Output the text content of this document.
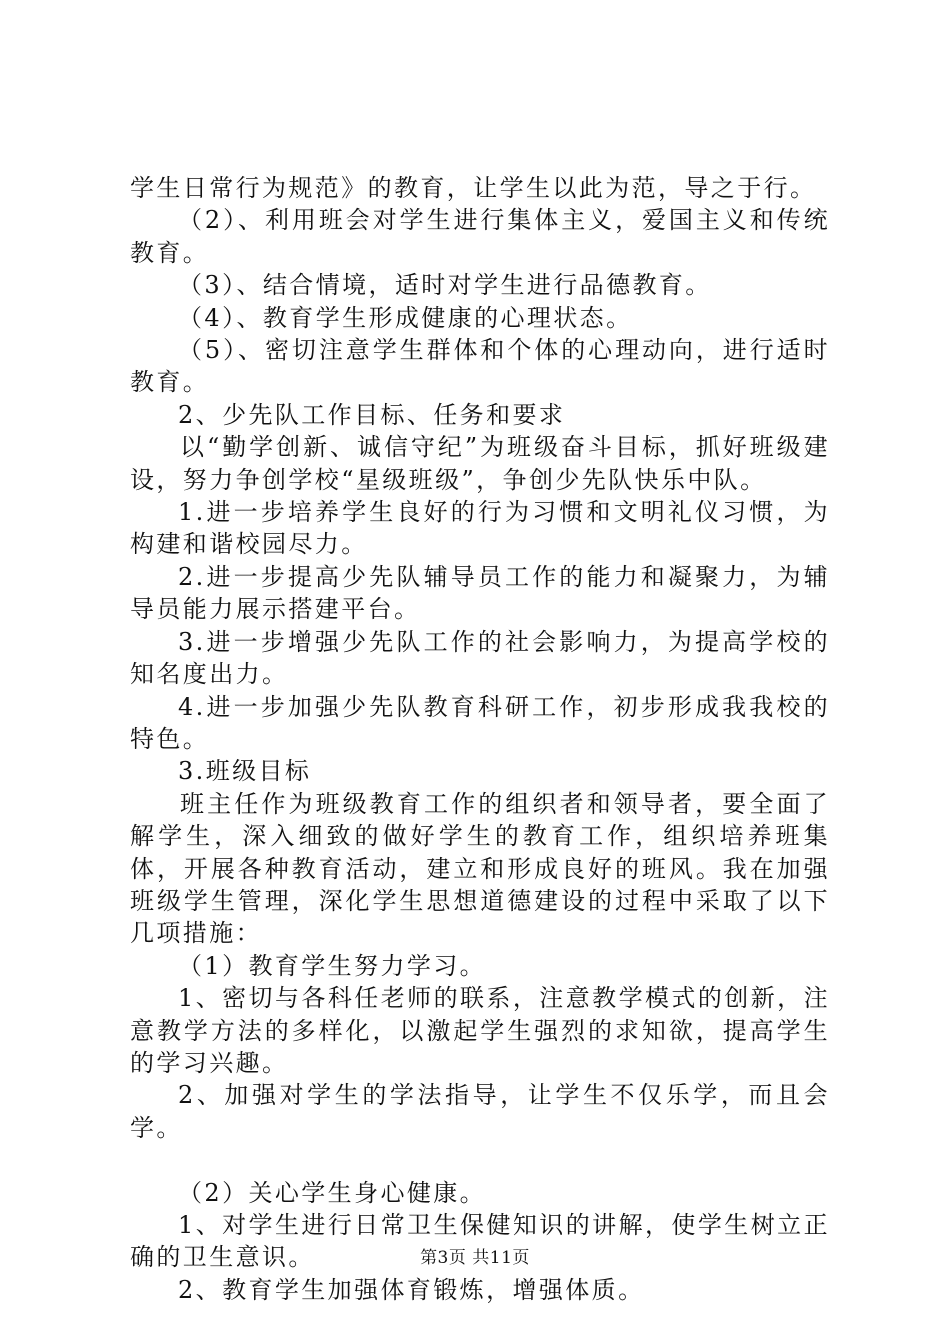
学生日常行为规范》的教育，让学生以此为范，导之于行。

（2）、利用班会对学生进行集体主义，爱国主义和传统教育。

（3）、结合情境，适时对学生进行品德教育。

（4）、教育学生形成健康的心理状态。

（5）、密切注意学生群体和个体的心理动向，进行适时教育。

2、少先队工作目标、任务和要求

以“勤学创新、诚信守纪”为班级奋斗目标，抓好班级建设，努力争创学校“星级班级”，争创少先队快乐中队。

1.进一步培养学生良好的行为习惯和文明礼仪习惯，为构建和谐校园尽力。

2.进一步提高少先队辅导员工作的能力和凝聚力，为辅导员能力展示搭建平台。

3.进一步增强少先队工作的社会影响力，为提高学校的知名度出力。

4.进一步加强少先队教育科研工作，初步形成我我校的特色。

3.班级目标

班主任作为班级教育工作的组织者和领导者，要全面了解学生，深入细致的做好学生的教育工作，组织培养班集体，开展各种教育活动，建立和形成良好的班风。我在加强班级学生管理，深化学生思想道德建设的过程中采取了以下几项措施：

（1）教育学生努力学习。

1、密切与各科任老师的联系，注意教学模式的创新，注意教学方法的多样化，以激起学生强烈的求知欲，提高学生的学习兴趣。

2、加强对学生的学法指导，让学生不仅乐学，而且会学。

（2）关心学生身心健康。

1、对学生进行日常卫生保健知识的讲解，使学生树立正确的卫生意识。

2、教育学生加强体育锻炼，增强体质。

第3页 共11页
